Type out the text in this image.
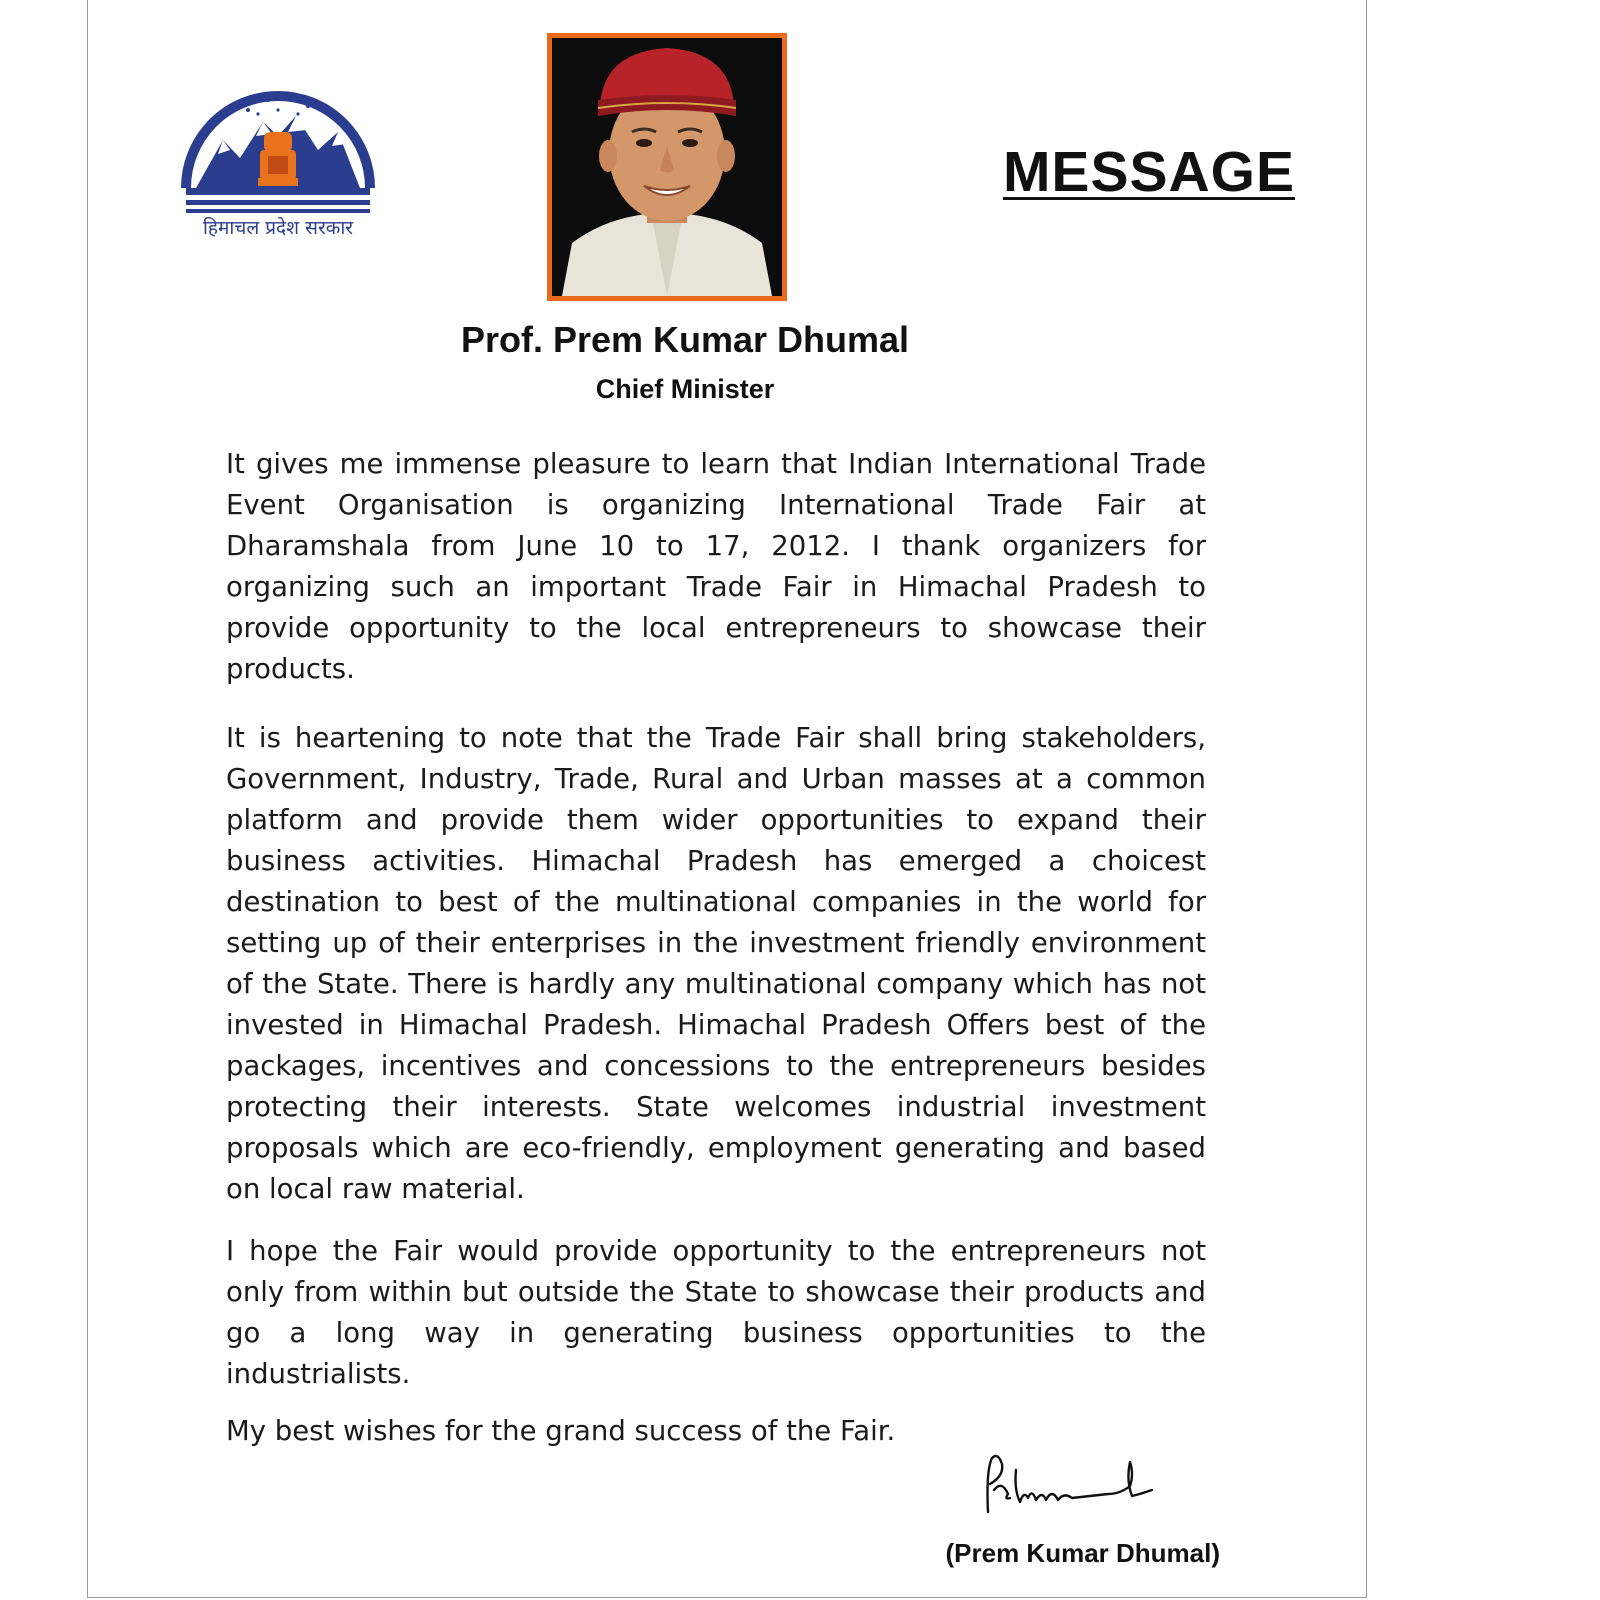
हिमाचल प्रदेश सरकार
MESSAGE
Prof. Prem Kumar Dhumal
Chief Minister

It gives me immense pleasure to learn that Indian International Trade Event Organisation is organizing International Trade Fair at Dharamshala from June 10 to 17, 2012. I thank organizers for organizing such an important Trade Fair in Himachal Pradesh to provide opportunity to the local entrepreneurs to showcase their products.

It is heartening to note that the Trade Fair shall bring stakeholders, Government, Industry, Trade, Rural and Urban masses at a common platform and provide them wider opportunities to expand their business activities. Himachal Pradesh has emerged a choicest destination to best of the multinational companies in the world for setting up of their enterprises in the investment friendly environment of the State. There is hardly any multinational company which has not invested in Himachal Pradesh. Himachal Pradesh Offers best of the packages, incentives and concessions to the entrepreneurs besides protecting their interests. State welcomes industrial investment proposals which are eco-friendly, employment generating and based on local raw material.

I hope the Fair would provide opportunity to the entrepreneurs not only from within but outside the State to showcase their products and go a long way in generating business opportunities to the industrialists.

My best wishes for the grand success of the Fair.

(Prem Kumar Dhumal)
